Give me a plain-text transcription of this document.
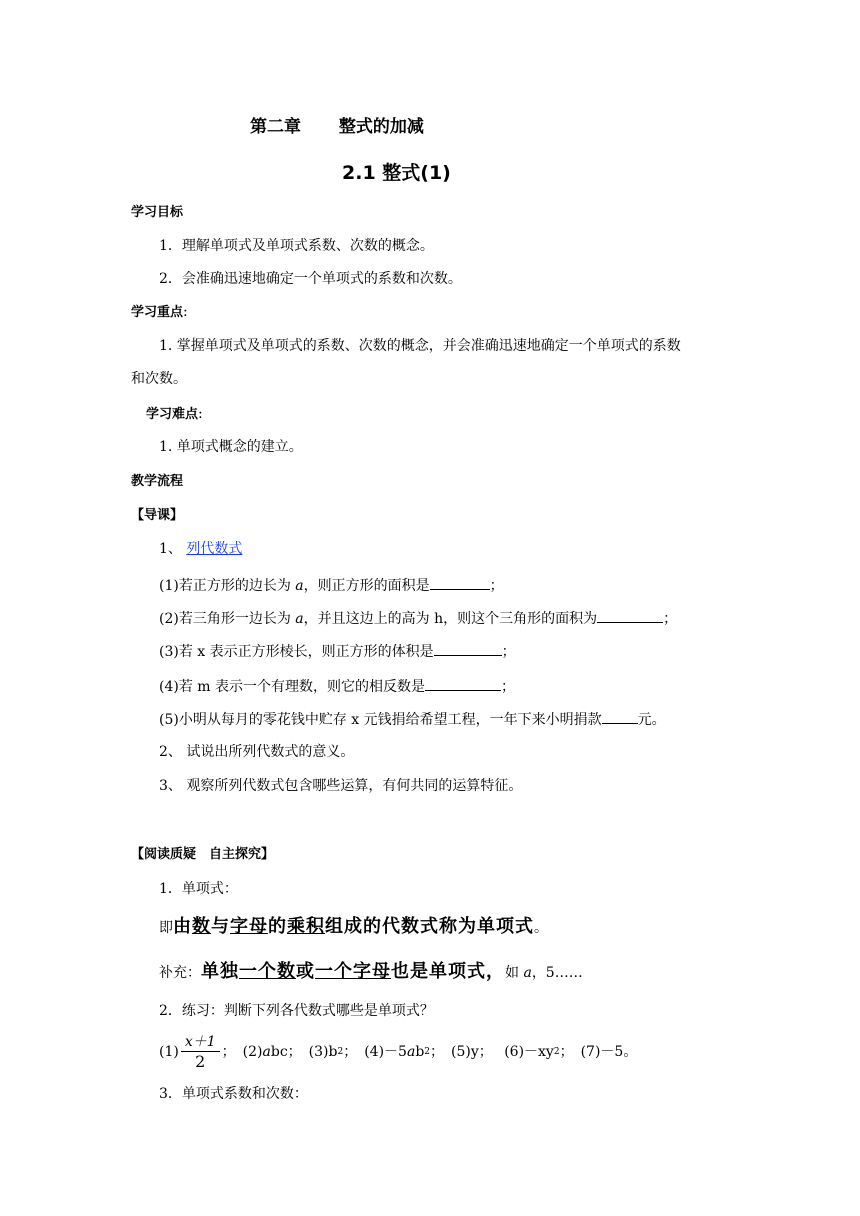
第二章 整式的加减
2.1 整式(1)
学习目标
1．理解单项式及单项式系数、次数的概念。
2．会准确迅速地确定一个单项式的系数和次数。
学习重点:
1. 掌握单项式及单项式的系数、次数的概念，并会准确迅速地确定一个单项式的系数
和次数。
学习难点:
1. 单项式概念的建立。
教学流程
【导课】
1、 列代数式
(1)若正方形的边长为 a，则正方形的面积是	；
(2)若三角形一边长为 a，并且这边上的高为 h，则这个三角形的面积为	；
(3)若 x 表示正方形棱长，则正方形的体积是	；
(4)若 m 表示一个有理数，则它的相反数是	；
(5)小明从每月的零花钱中贮存 x 元钱捐给希望工程，一年下来小明捐款	元。
2、 试说出所列代数式的意义。
3、 观察所列代数式包含哪些运算，有何共同的运算特征。
【阅读质疑　自主探究】
1．单项式：
即由数与字母的乘积组成的代数式称为单项式。
补充：单独一个数或一个字母也是单项式，如 a，5……
2．练习：判断下列各代数式哪些是单项式？
$(1) \frac{x+1}{2}$ ；　(2) a bc；　(3)b 2 ；　(4)－5 a b 2 ；　(5)y；　 (6)－xy 2 ；　(7)－5。
3．单项式系数和次数：
